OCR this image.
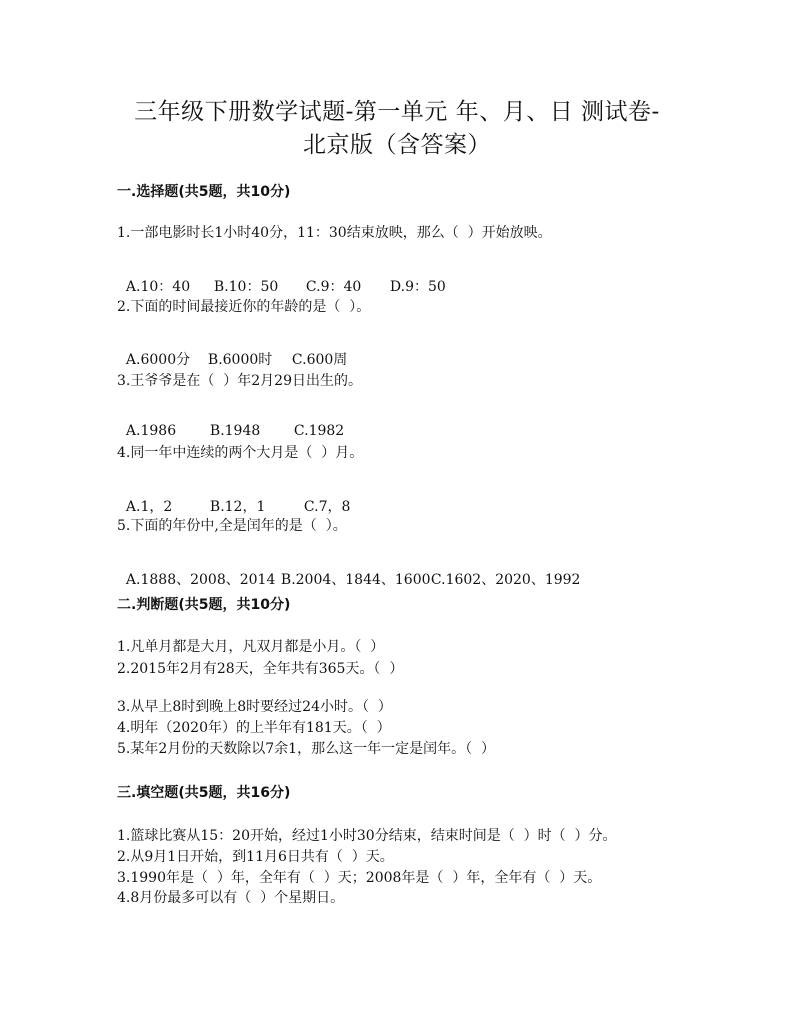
三年级下册数学试题-第一单元 年、月、日 测试卷-
北京版（含答案）
一.选择题(共5题，共10分)
1.一部电影时长1小时40分，11：30结束放映，那么（  ）开始放映。

A.10：40 B.10：50 C.9：40 D.9：50

2.下面的时间最接近你的年龄的是（  ）。

A.6000分 B.6000时 C.600周

3.王爷爷是在（  ）年2月29日出生的。

A.1986 B.1948 C.1982

4.同一年中连续的两个大月是（  ）月。

A.1，2	B.12，1	C.7，8

5.下面的年份中,全是闰年的是（  ）。

A.1888、2008、2014 B.2004、1844、1600C.1602、2020、1992

二.判断题(共5题，共10分)
1.凡单月都是大月，凡双月都是小月。（  ）
2.2015年2月有28天，全年共有365天。（  ）
3.从早上8时到晚上8时要经过24小时。（  ）
4.明年（2020年）的上半年有181天。（  ）
5.某年2月份的天数除以7余1，那么这一年一定是闰年。（  ）
三.填空题(共5题，共16分)
1.篮球比赛从15：20开始，经过1小时30分结束，结束时间是（  ）时（  ）分。
2.从9月1日开始，到11月6日共有（  ）天。
3.1990年是（  ）年，全年有（  ）天；2008年是（  ）年，全年有（  ）天。
4.8月份最多可以有（  ）个星期日。
